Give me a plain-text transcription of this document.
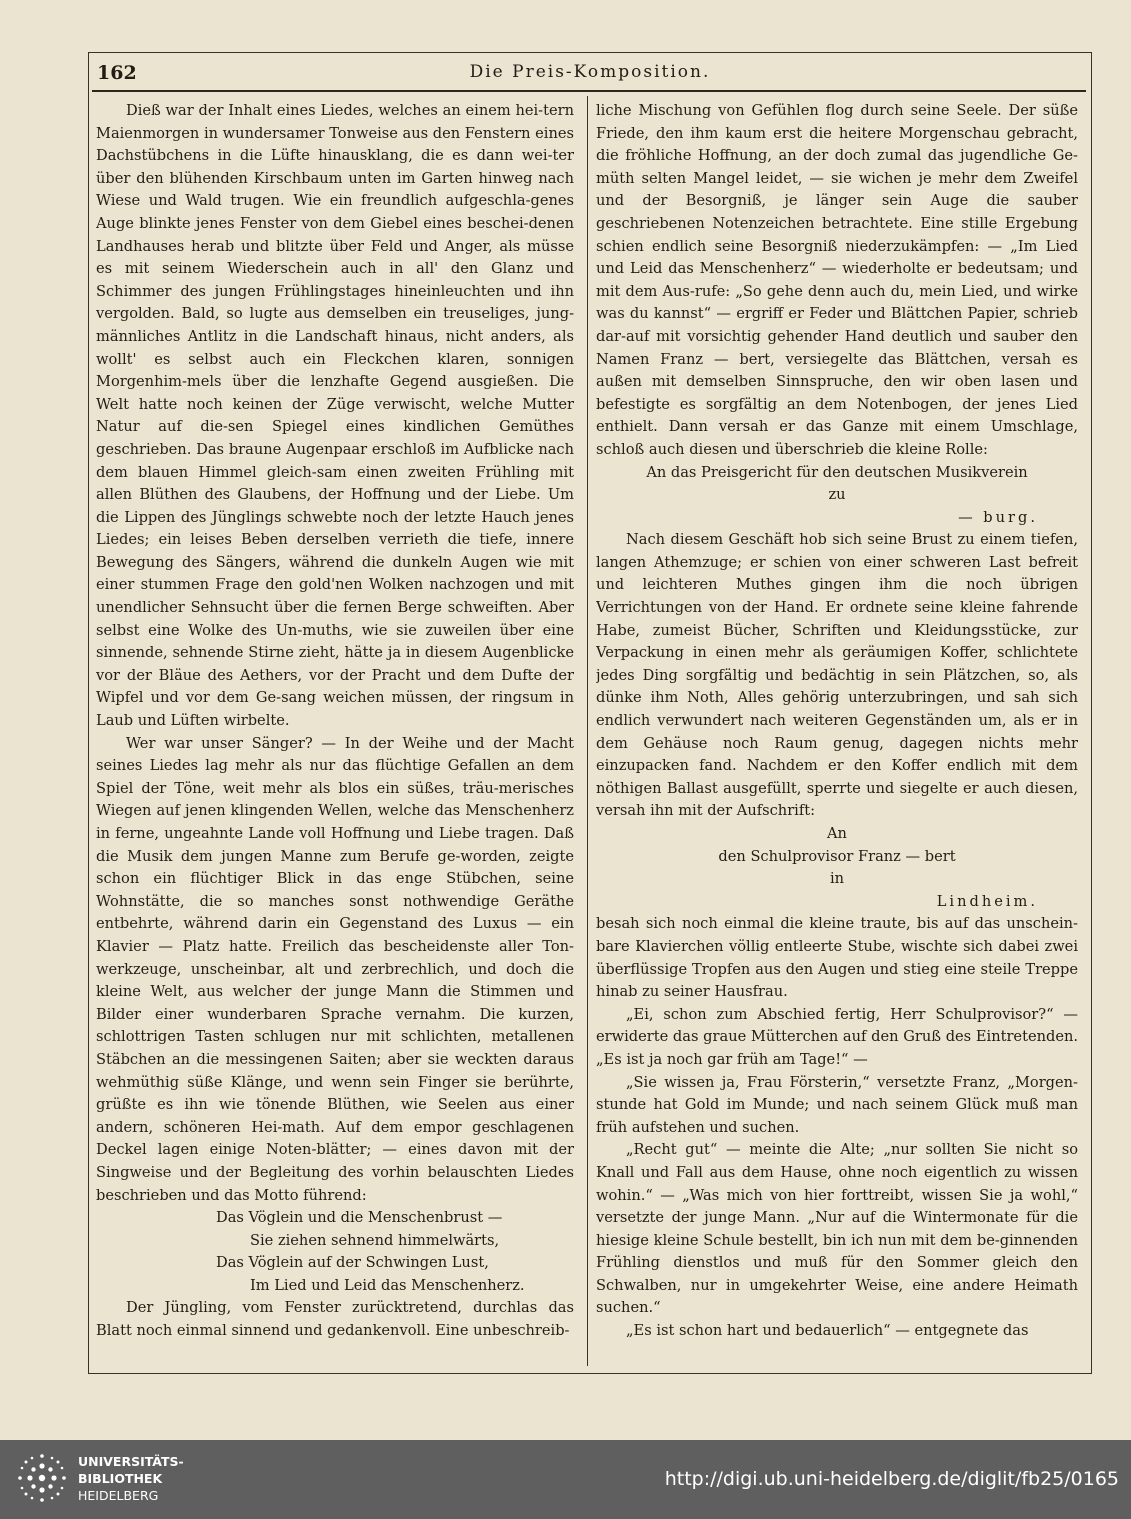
162	Die Preis-Komposition.

Dieß war der Inhalt eines Liedes, welches an einem hei-tern Maienmorgen in wundersamer Tonweise aus den Fenstern eines Dachstübchens in die Lüfte hinausklang, die es dann wei-ter über den blühenden Kirschbaum unten im Garten hinweg nach Wiese und Wald trugen. Wie ein freundlich aufgeschla-genes Auge blinkte jenes Fenster von dem Giebel eines beschei-denen Landhauses herab und blitzte über Feld und Anger, als müsse es mit seinem Wiederschein auch in all' den Glanz und Schimmer des jungen Frühlingstages hineinleuchten und ihn vergolden. Bald, so lugte aus demselben ein treuseliges, jung-männliches Antlitz in die Landschaft hinaus, nicht anders, als wollt' es selbst auch ein Fleckchen klaren, sonnigen Morgenhim-mels über die lenzhafte Gegend ausgießen. Die Welt hatte noch keinen der Züge verwischt, welche Mutter Natur auf die-sen Spiegel eines kindlichen Gemüthes geschrieben. Das braune Augenpaar erschloß im Aufblicke nach dem blauen Himmel gleich-sam einen zweiten Frühling mit allen Blüthen des Glaubens, der Hoffnung und der Liebe. Um die Lippen des Jünglings schwebte noch der letzte Hauch jenes Liedes; ein leises Beben derselben verrieth die tiefe, innere Bewegung des Sängers, während die dunkeln Augen wie mit einer stummen Frage den gold'nen Wolken nachzogen und mit unendlicher Sehnsucht über die fernen Berge schweiften. Aber selbst eine Wolke des Un-muths, wie sie zuweilen über eine sinnende, sehnende Stirne zieht, hätte ja in diesem Augenblicke vor der Bläue des Aethers, vor der Pracht und dem Dufte der Wipfel und vor dem Ge-sang weichen müssen, der ringsum in Laub und Lüften wirbelte.

Wer war unser Sänger? — In der Weihe und der Macht seines Liedes lag mehr als nur das flüchtige Gefallen an dem Spiel der Töne, weit mehr als blos ein süßes, träu-merisches Wiegen auf jenen klingenden Wellen, welche das Menschenherz in ferne, ungeahnte Lande voll Hoffnung und Liebe tragen. Daß die Musik dem jungen Manne zum Berufe ge-worden, zeigte schon ein flüchtiger Blick in das enge Stübchen, seine Wohnstätte, die so manches sonst nothwendige Geräthe entbehrte, während darin ein Gegenstand des Luxus — ein Klavier — Platz hatte. Freilich das bescheidenste aller Ton-werkzeuge, unscheinbar, alt und zerbrechlich, und doch die kleine Welt, aus welcher der junge Mann die Stimmen und Bilder einer wunderbaren Sprache vernahm. Die kurzen, schlottrigen Tasten schlugen nur mit schlichten, metallenen Stäbchen an die messingenen Saiten; aber sie weckten daraus wehmüthig süße Klänge, und wenn sein Finger sie berührte, grüßte es ihn wie tönende Blüthen, wie Seelen aus einer andern, schöneren Hei-math. Auf dem empor geschlagenen Deckel lagen einige Noten-blätter; — eines davon mit der Singweise und der Begleitung des vorhin belauschten Liedes beschrieben und das Motto führend:

Das Vöglein und die Menschenbrust —
Sie ziehen sehnend himmelwärts,
Das Vöglein auf der Schwingen Lust,
Im Lied und Leid das Menschenherz.

Der Jüngling, vom Fenster zurücktretend, durchlas das Blatt noch einmal sinnend und gedankenvoll. Eine unbeschreib-

liche Mischung von Gefühlen flog durch seine Seele. Der süße Friede, den ihm kaum erst die heitere Morgenschau gebracht, die fröhliche Hoffnung, an der doch zumal das jugendliche Ge-müth selten Mangel leidet, — sie wichen je mehr dem Zweifel und der Besorgniß, je länger sein Auge die sauber geschriebenen Notenzeichen betrachtete. Eine stille Ergebung schien endlich seine Besorgniß niederzukämpfen: — „Im Lied und Leid das Menschenherz“ — wiederholte er bedeutsam; und mit dem Aus-rufe: „So gehe denn auch du, mein Lied, und wirke was du kannst“ — ergriff er Feder und Blättchen Papier, schrieb dar-auf mit vorsichtig gehender Hand deutlich und sauber den Namen Franz — bert, versiegelte das Blättchen, versah es außen mit demselben Sinnspruche, den wir oben lasen und befestigte es sorgfältig an dem Notenbogen, der jenes Lied enthielt. Dann versah er das Ganze mit einem Umschlage, schloß auch diesen und überschrieb die kleine Rolle:

An das Preisgericht für den deutschen Musikverein
zu
— burg.

Nach diesem Geschäft hob sich seine Brust zu einem tiefen, langen Athemzuge; er schien von einer schweren Last befreit und leichteren Muthes gingen ihm die noch übrigen Verrichtungen von der Hand. Er ordnete seine kleine fahrende Habe, zumeist Bücher, Schriften und Kleidungsstücke, zur Verpackung in einen mehr als geräumigen Koffer, schlichtete jedes Ding sorgfältig und bedächtig in sein Plätzchen, so, als dünke ihm Noth, Alles gehörig unterzubringen, und sah sich endlich verwundert nach weiteren Gegenständen um, als er in dem Gehäuse noch Raum genug, dagegen nichts mehr einzupacken fand. Nachdem er den Koffer endlich mit dem nöthigen Ballast ausgefüllt, sperrte und siegelte er auch diesen, versah ihn mit der Aufschrift:

An
den Schulprovisor Franz — bert
in
Lindheim.

besah sich noch einmal die kleine traute, bis auf das unschein-bare Klavierchen völlig entleerte Stube, wischte sich dabei zwei überflüssige Tropfen aus den Augen und stieg eine steile Treppe hinab zu seiner Hausfrau.

„Ei, schon zum Abschied fertig, Herr Schulprovisor?“ — erwiderte das graue Mütterchen auf den Gruß des Eintretenden. „Es ist ja noch gar früh am Tage!“ —

„Sie wissen ja, Frau Försterin,“ versetzte Franz, „Morgen-stunde hat Gold im Munde; und nach seinem Glück muß man früh aufstehen und suchen.

„Recht gut“ — meinte die Alte; „nur sollten Sie nicht so Knall und Fall aus dem Hause, ohne noch eigentlich zu wissen wohin.“ — „Was mich von hier forttreibt, wissen Sie ja wohl,“ versetzte der junge Mann. „Nur auf die Wintermonate für die hiesige kleine Schule bestellt, bin ich nun mit dem be-ginnenden Frühling dienstlos und muß für den Sommer gleich den Schwalben, nur in umgekehrter Weise, eine andere Heimath suchen.“

„Es ist schon hart und bedauerlich“ — entgegnete das

UNIVERSITÄTS-
BIBLIOTHEK
HEIDELBERG
http://digi.ub.uni-heidelberg.de/diglit/fb25/0165
